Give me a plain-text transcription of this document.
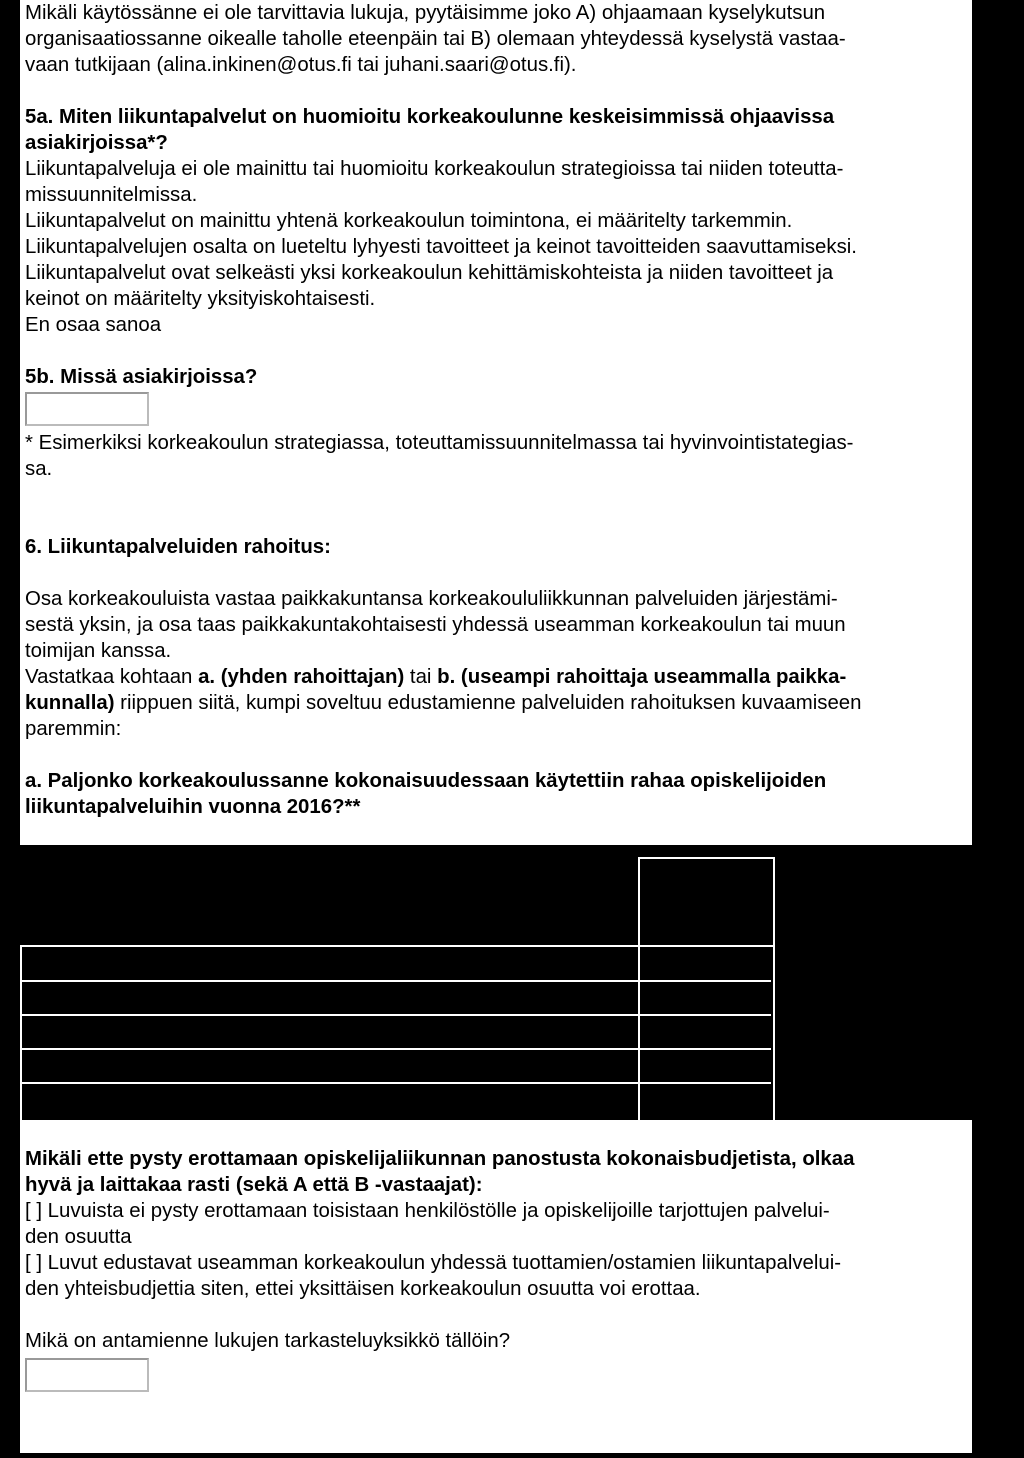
Mikäli käytössänne ei ole tarvittavia lukuja, pyytäisimme joko A) ohjaamaan kyselykutsun
organisaatiossanne oikealle taholle eteenpäin tai B) olemaan yhteydessä kyselystä vastaa-
vaan tutkijaan (alina.inkinen@otus.fi tai juhani.saari@otus.fi).

5a. Miten liikuntapalvelut on huomioitu korkeakoulunne keskeisimmissä ohjaavissa
asiakirjoissa*?

Liikuntapalveluja ei ole mainittu tai huomioitu korkeakoulun strategioissa tai niiden toteutta-
missuunnitelmissa.

Liikuntapalvelut on mainittu yhtenä korkeakoulun toimintona, ei määritelty tarkemmin.

Liikuntapalvelujen osalta on lueteltu lyhyesti tavoitteet ja keinot tavoitteiden saavuttamiseksi.

Liikuntapalvelut ovat selkeästi yksi korkeakoulun kehittämiskohteista ja niiden tavoitteet ja
keinot on määritelty yksityiskohtaisesti.

En osaa sanoa

5b. Missä asiakirjoissa?

* Esimerkiksi korkeakoulun strategiassa, toteuttamissuunnitelmassa tai hyvinvointistategias-
sa.

6. Liikuntapalveluiden rahoitus:

Osa korkeakouluista vastaa paikkakuntansa korkeakoululiikkunnan palveluiden järjestämi-
sestä yksin, ja osa taas paikkakuntakohtaisesti yhdessä useamman korkeakoulun tai muun
toimijan kanssa.

Vastatkaa kohtaan a. (yhden rahoittajan) tai b. (useampi rahoittaja useammalla paikka-
kunnalla) riippuen siitä, kumpi soveltuu edustamienne palveluiden rahoituksen kuvaamiseen
paremmin:

a. Paljonko korkeakoulussanne kokonaisuudessaan käytettiin rahaa opiskelijoiden
liikuntapalveluihin vuonna 2016?**

Mikäli ette pysty erottamaan opiskelijaliikunnan panostusta kokonaisbudjetista, olkaa
hyvä ja laittakaa rasti (sekä A että B -vastaajat):

[ ] Luvuista ei pysty erottamaan toisistaan henkilöstölle ja opiskelijoille tarjottujen palvelui-
den osuutta

[ ] Luvut edustavat useamman korkeakoulun yhdessä tuottamien/ostamien liikuntapalvelui-
den yhteisbudjettia siten, ettei yksittäisen korkeakoulun osuutta voi erottaa.

Mikä on antamienne lukujen tarkasteluyksikkö tällöin?
